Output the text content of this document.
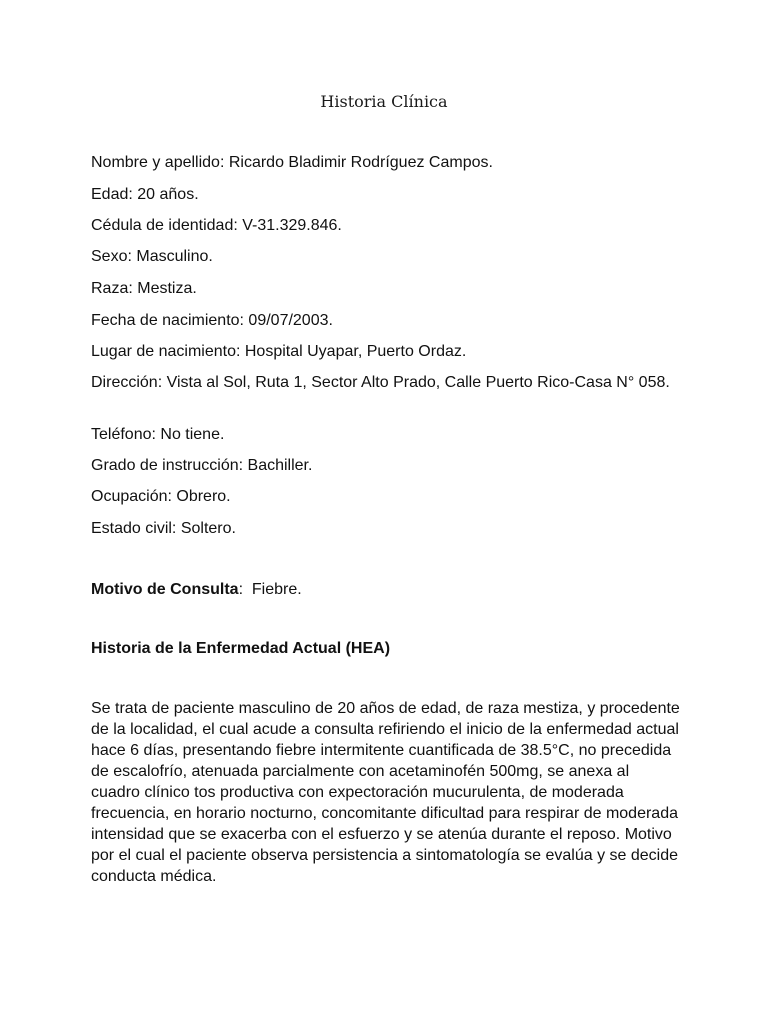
Historia Clínica

Nombre y apellido: Ricardo Bladimir Rodríguez Campos.

Edad: 20 años.

Cédula de identidad: V-31.329.846.

Sexo: Masculino.

Raza: Mestiza.

Fecha de nacimiento: 09/07/2003.

Lugar de nacimiento: Hospital Uyapar, Puerto Ordaz.

Dirección: Vista al Sol, Ruta 1, Sector Alto Prado, Calle Puerto Rico-Casa N° 058.

Teléfono: No tiene.

Grado de instrucción: Bachiller.

Ocupación: Obrero.

Estado civil: Soltero.

Motivo de Consulta:  Fiebre.

Historia de la Enfermedad Actual (HEA)

Se trata de paciente masculino de 20 años de edad, de raza mestiza, y procedente de la localidad, el cual acude a consulta refiriendo el inicio de la enfermedad actual hace 6 días, presentando fiebre intermitente cuantificada de 38.5°C, no precedida de escalofrío, atenuada parcialmente con acetaminofén 500mg, se anexa al cuadro clínico tos productiva con expectoración mucurulenta, de moderada frecuencia, en horario nocturno, concomitante dificultad para respirar de moderada intensidad que se exacerba con el esfuerzo y se atenúa durante el reposo. Motivo por el cual el paciente observa persistencia a sintomatología se evalúa y se decide conducta médica.
